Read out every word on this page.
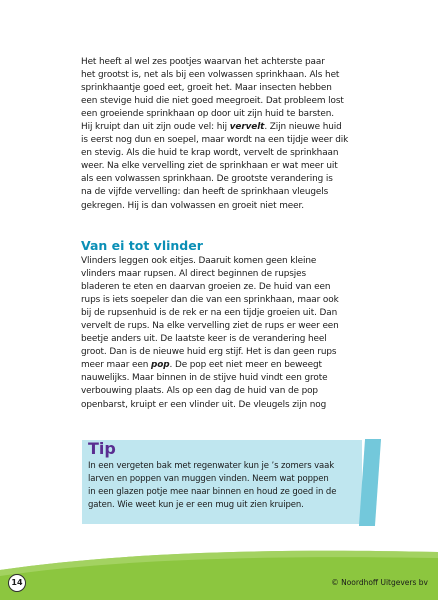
Het heeft al wel zes pootjes waarvan het achterste paar
het grootst is, net als bij een volwassen sprinkhaan. Als het
sprinkhaantje goed eet, groeit het. Maar insecten hebben
een stevige huid die niet goed meegroeit. Dat probleem lost
een groeiende sprinkhaan op door uit zijn huid te barsten.
Hij kruipt dan uit zijn oude vel: hij vervelt. Zijn nieuwe huid
is eerst nog dun en soepel, maar wordt na een tijdje weer dik
en stevig. Als die huid te krap wordt, vervelt de sprinkhaan
weer. Na elke vervelling ziet de sprinkhaan er wat meer uit
als een volwassen sprinkhaan. De grootste verandering is
na de vijfde vervelling: dan heeft de sprinkhaan vleugels
gekregen. Hij is dan volwassen en groeit niet meer.
Van ei tot vlinder
Vlinders leggen ook eitjes. Daaruit komen geen kleine
vlinders maar rupsen. Al direct beginnen de rupsjes
bladeren te eten en daarvan groeien ze. De huid van een
rups is iets soepeler dan die van een sprinkhaan, maar ook
bij de rupsenhuid is de rek er na een tijdje groeien uit. Dan
vervelt de rups. Na elke vervelling ziet de rups er weer een
beetje anders uit. De laatste keer is de verandering heel
groot. Dan is de nieuwe huid erg stijf. Het is dan geen rups
meer maar een pop. De pop eet niet meer en beweegt
nauwelijks. Maar binnen in de stijve huid vindt een grote
verbouwing plaats. Als op een dag de huid van de pop
openbarst, kruipt er een vlinder uit. De vleugels zijn nog
Tip
In een vergeten bak met regenwater kun je ’s zomers vaak
larven en poppen van muggen vinden. Neem wat poppen
in een glazen potje mee naar binnen en houd ze goed in de
gaten. Wie weet kun je er een mug uit zien kruipen.
14	© Noordhoff Uitgevers bv
